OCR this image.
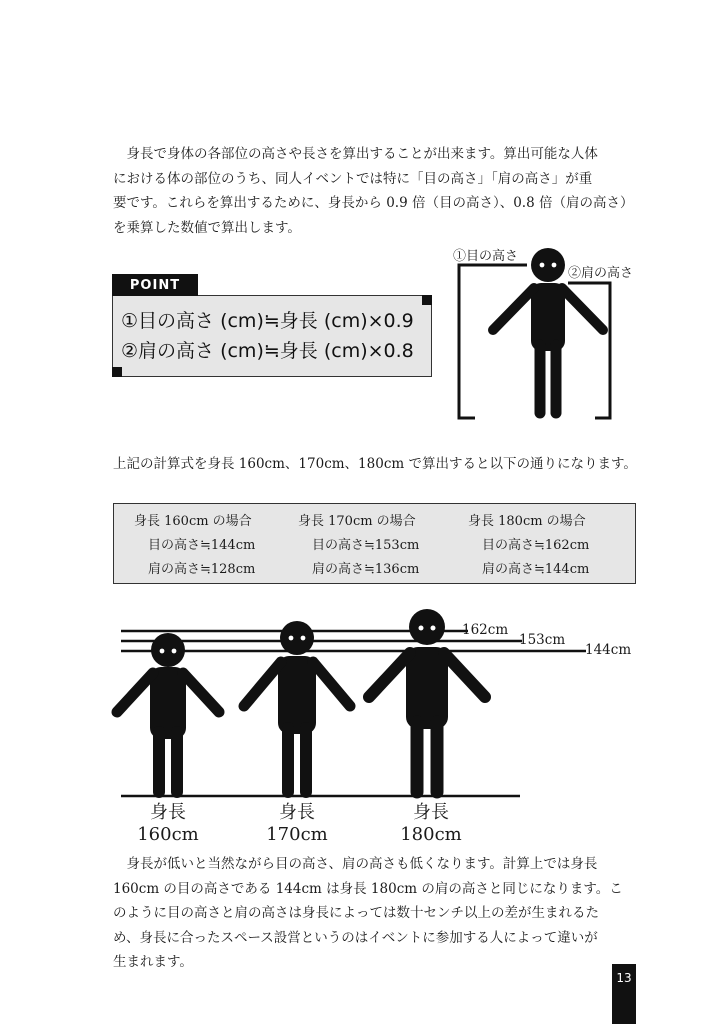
　身長で身体の各部位の高さや長さを算出することが出来ます。算出可能な人体
における体の部位のうち、同人イベントでは特に「目の高さ」「肩の高さ」が重
要です。これらを算出するために、身長から 0.9 倍（目の高さ）、0.8 倍（肩の高さ）
を乗算した数値で算出します。
①目の高さ (cm)≒身長 (cm)×0.9
②肩の高さ (cm)≒身長 (cm)×0.8
POINT
①目の高さ
②肩の高さ
上記の計算式を身長 160cm、170cm、180cm で算出すると以下の通りになります。
身長 160cm の場合
目の高さ≒144cm
肩の高さ≒128cm
身長 170cm の場合
目の高さ≒153cm
肩の高さ≒136cm
身長 180cm の場合
目の高さ≒162cm
肩の高さ≒144cm
162cm
153cm
144cm
身長
160cm
身長
170cm
身長
180cm
　身長が低いと当然ながら目の高さ、肩の高さも低くなります。計算上では身長
160cm の目の高さである 144cm は身長 180cm の肩の高さと同じになります。こ
のように目の高さと肩の高さは身長によっては数十センチ以上の差が生まれるた
め、身長に合ったスペース設営というのはイベントに参加する人によって違いが
生まれます。
13
